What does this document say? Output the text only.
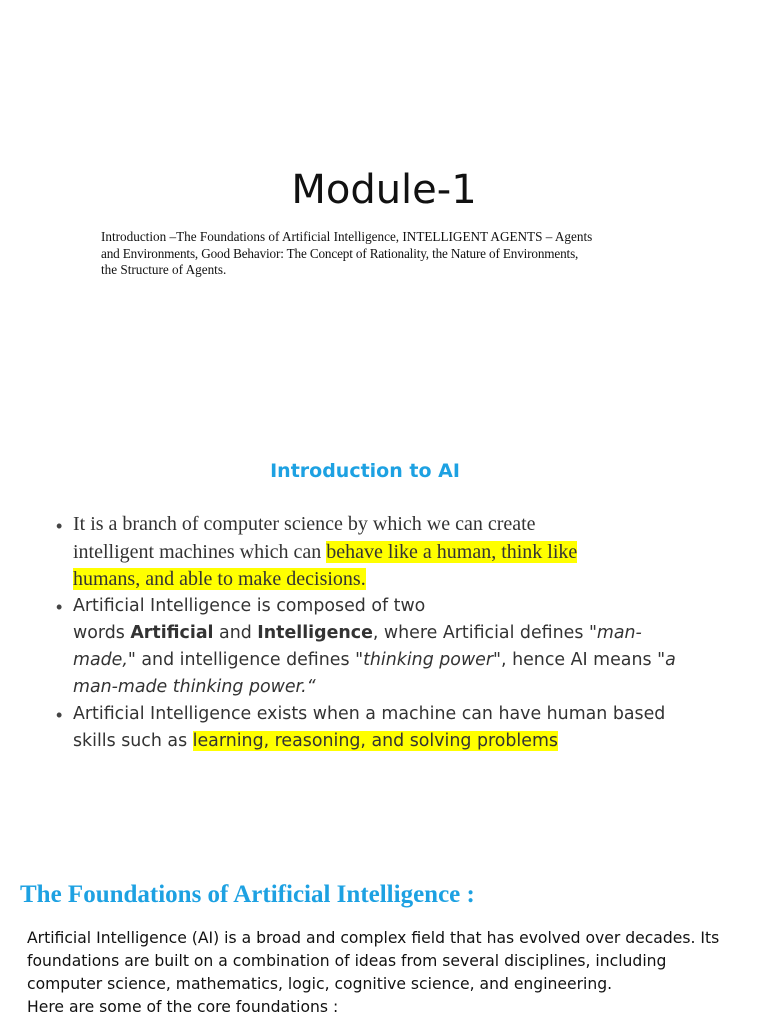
Module-1
Introduction –The Foundations of Artificial Intelligence, INTELLIGENT AGENTS – Agents
and Environments, Good Behavior: The Concept of Rationality, the Nature of Environments,
the Structure of Agents.
Introduction to AI
• It is a branch of computer science by which we can create
intelligent machines which can behave like a human, think like
humans, and able to make decisions.
• Artificial Intelligence is composed of two
words Artificial and Intelligence, where Artificial defines "man-
made," and intelligence defines "thinking power", hence AI means "a
man-made thinking power.“
• Artificial Intelligence exists when a machine can have human based
skills such as learning, reasoning, and solving problems
The Foundations of Artificial Intelligence :
Artificial Intelligence (AI) is a broad and complex field that has evolved over decades. Its
foundations are built on a combination of ideas from several disciplines, including
computer science, mathematics, logic, cognitive science, and engineering.
Here are some of the core foundations :
